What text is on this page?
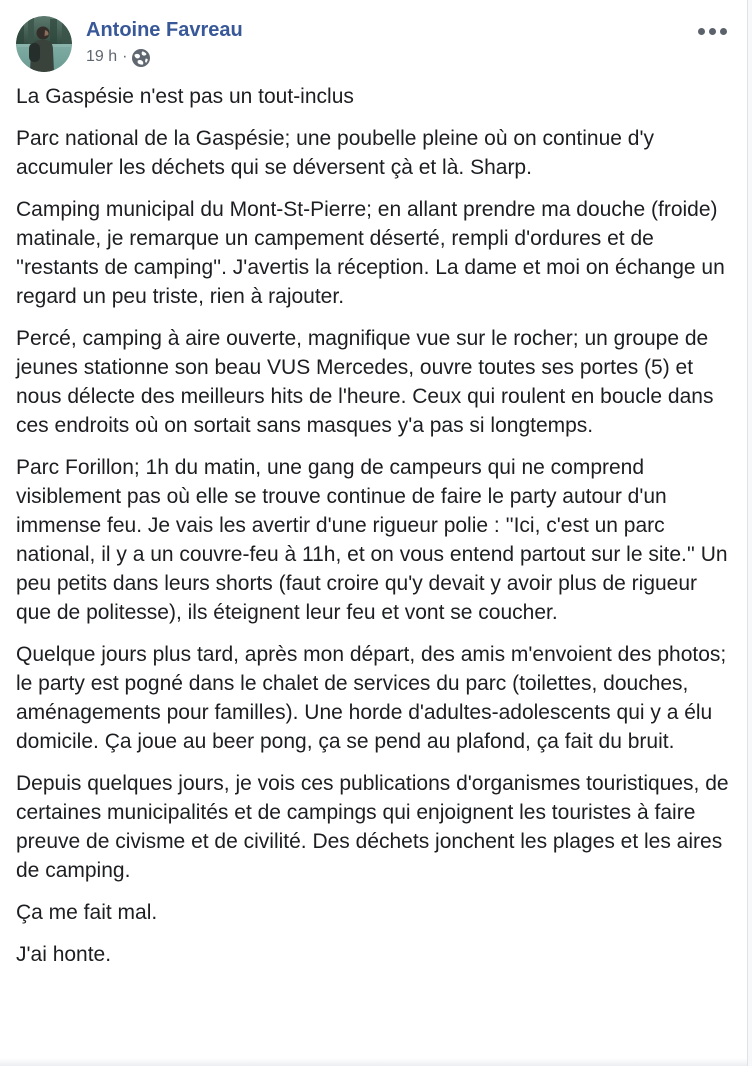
Antoine Favreau
19 h ·

La Gaspésie n'est pas un tout-inclus

Parc national de la Gaspésie; une poubelle pleine où on continue d'y accumuler les déchets qui se déversent çà et là. Sharp.

Camping municipal du Mont-St-Pierre; en allant prendre ma douche (froide) matinale, je remarque un campement déserté, rempli d'ordures et de ''restants de camping''. J'avertis la réception. La dame et moi on échange un regard un peu triste, rien à rajouter.

Percé, camping à aire ouverte, magnifique vue sur le rocher; un groupe de jeunes stationne son beau VUS Mercedes, ouvre toutes ses portes (5) et nous délecte des meilleurs hits de l'heure. Ceux qui roulent en boucle dans ces endroits où on sortait sans masques y'a pas si longtemps.

Parc Forillon; 1h du matin, une gang de campeurs qui ne comprend visiblement pas où elle se trouve continue de faire le party autour d'un immense feu. Je vais les avertir d'une rigueur polie : ''Ici, c'est un parc national, il y a un couvre-feu à 11h, et on vous entend partout sur le site.'' Un peu petits dans leurs shorts (faut croire qu'y devait y avoir plus de rigueur que de politesse), ils éteignent leur feu et vont se coucher.

Quelque jours plus tard, après mon départ, des amis m'envoient des photos; le party est pogné dans le chalet de services du parc (toilettes, douches, aménagements pour familles). Une horde d'adultes-adolescents qui y a élu domicile. Ça joue au beer pong, ça se pend au plafond, ça fait du bruit.

Depuis quelques jours, je vois ces publications d'organismes touristiques, de certaines municipalités et de campings qui enjoignent les touristes à faire preuve de civisme et de civilité. Des déchets jonchent les plages et les aires de camping.

Ça me fait mal.

J'ai honte.
